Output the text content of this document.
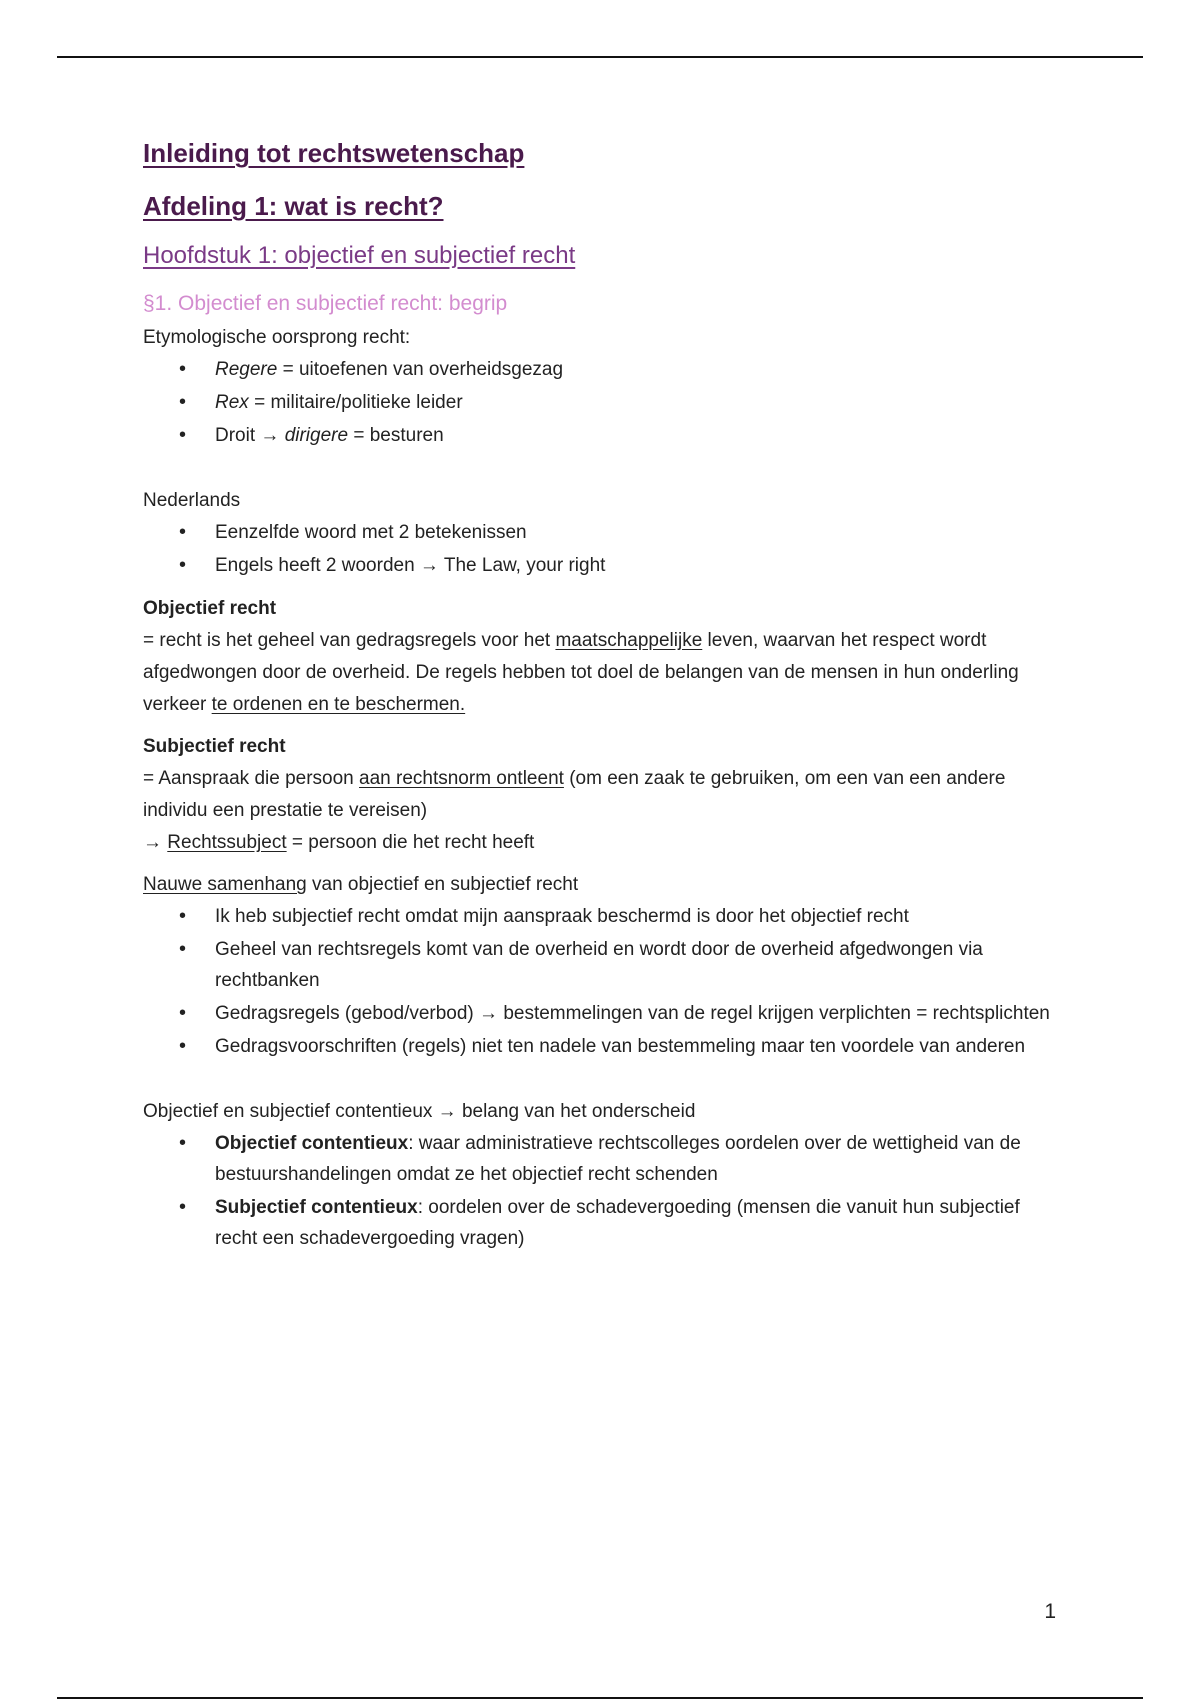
Inleiding tot rechtswetenschap
Afdeling 1: wat is recht?
Hoofdstuk 1: objectief en subjectief recht
§1. Objectief en subjectief recht: begrip

Etymologische oorsprong recht:

• Regere = uitoefenen van overheidsgezag
• Rex = militaire/politieke leider
• Droit → dirigere = besturen

Nederlands

• Eenzelfde woord met 2 betekenissen
• Engels heeft 2 woorden → The Law, your right

Objectief recht

= recht is het geheel van gedragsregels voor het maatschappelijke leven, waarvan het respect wordt afgedwongen door de overheid. De regels hebben tot doel de belangen van de mensen in hun onderling verkeer te ordenen en te beschermen.

Subjectief recht

= Aanspraak die persoon aan rechtsnorm ontleent (om een zaak te gebruiken, om een van een andere individu een prestatie te vereisen)

→ Rechtssubject = persoon die het recht heeft

Nauwe samenhang van objectief en subjectief recht

• Ik heb subjectief recht omdat mijn aanspraak beschermd is door het objectief recht
• Geheel van rechtsregels komt van de overheid en wordt door de overheid afgedwongen via rechtbanken
• Gedragsregels (gebod/verbod) → bestemmelingen van de regel krijgen verplichten = rechtsplichten
• Gedragsvoorschriften (regels) niet ten nadele van bestemmeling maar ten voordele van anderen

Objectief en subjectief contentieux → belang van het onderscheid

• Objectief contentieux: waar administratieve rechtscolleges oordelen over de wettigheid van de bestuurshandelingen omdat ze het objectief recht schenden
• Subjectief contentieux: oordelen over de schadevergoeding (mensen die vanuit hun subjectief recht een schadevergoeding vragen)
1
